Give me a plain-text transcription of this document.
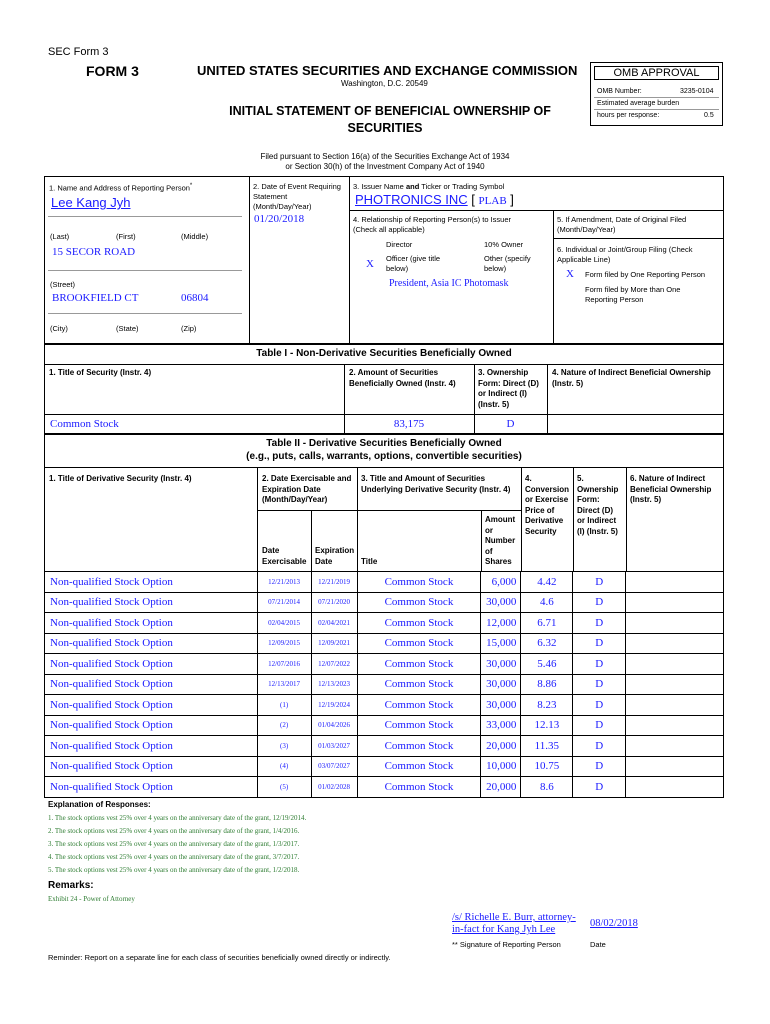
SEC Form 3
FORM 3	UNITED STATES SECURITIES AND EXCHANGE COMMISSION
Washington, D.C. 20549
INITIAL STATEMENT OF BENEFICIAL OWNERSHIP OF
SECURITIES
Filed pursuant to Section 16(a) of the Securities Exchange Act of 1934
or Section 30(h) of the Investment Company Act of 1940
OMB APPROVAL
OMB Number:	3235-0104
Estimated average burden
hours per response:	0.5
1. Name and Address of Reporting Person*
Lee Kang Jyh
(Last)	(First)	(Middle)
15 SECOR ROAD
(Street)
BROOKFIELD CT	06804
(City)	(State)	(Zip)
2. Date of Event Requiring
Statement
(Month/Day/Year)
01/20/2018
3. Issuer Name and Ticker or Trading Symbol
PHOTRONICS INC [ PLAB ]
4. Relationship of Reporting Person(s) to Issuer
(Check all applicable)
Director	10% Owner
X Officer (give title
below)
Other (specify
below)
President, Asia IC Photomask
5. If Amendment, Date of Original Filed
(Month/Day/Year)
6. Individual or Joint/Group Filing (Check
Applicable Line)
X Form filed by One Reporting Person
Form filed by More than One
Reporting Person
Table I - Non-Derivative Securities Beneficially Owned
1. Title of Security (Instr. 4)	2. Amount of Securities
Beneficially Owned (Instr. 4)
3. Ownership
Form: Direct (D)
or Indirect (I)
(Instr. 5)
4. Nature of Indirect Beneficial Ownership
(Instr. 5)
Common Stock	83,175	D
Table II - Derivative Securities Beneficially Owned
(e.g., puts, calls, warrants, options, convertible securities)
1. Title of Derivative Security (Instr. 4)	2. Date Exercisable and
Expiration Date
(Month/Day/Year)
3. Title and Amount of Securities
Underlying Derivative Security (Instr. 4)
4.
Conversion
or Exercise
Price of
Derivative
Security
5.
Ownership
Form:
Direct (D)
or Indirect
(I) (Instr. 5)
6. Nature of Indirect
Beneficial Ownership
(Instr. 5)
Date
Exercisable
Expiration
Date	Title
Amount
or
Number
of
Shares
Non-qualified Stock Option	12/21/2013	12/21/2019	Common Stock	6,000	4.42	D	
Non-qualified Stock Option	07/21/2014	07/21/2020	Common Stock	30,000	4.6	D	
Non-qualified Stock Option	02/04/2015	02/04/2021	Common Stock	12,000	6.71	D	
Non-qualified Stock Option	12/09/2015	12/09/2021	Common Stock	15,000	6.32	D	
Non-qualified Stock Option	12/07/2016	12/07/2022	Common Stock	30,000	5.46	D	
Non-qualified Stock Option	12/13/2017	12/13/2023	Common Stock	30,000	8.86	D	
Non-qualified Stock Option	(1)	12/19/2024	Common Stock	30,000	8.23	D	
Non-qualified Stock Option	(2)	01/04/2026	Common Stock	33,000	12.13	D	
Non-qualified Stock Option	(3)	01/03/2027	Common Stock	20,000	11.35	D	
Non-qualified Stock Option	(4)	03/07/2027	Common Stock	10,000	10.75	D	
Non-qualified Stock Option	(5)	01/02/2028	Common Stock	20,000	8.6	D	
Explanation of Responses:
1. The stock options vest 25% over 4 years on the anniversary date of the grant, 12/19/2014.
2. The stock options vest 25% over 4 years on the anniversary date of the grant, 1/4/2016.
3. The stock options vest 25% over 4 years on the anniversary date of the grant, 1/3/2017.
4. The stock options vest 25% over 4 years on the anniversary date of the grant, 3/7/2017.
5. The stock options vest 25% over 4 years on the anniversary date of the grant, 1/2/2018.
Remarks:
Exhibit 24 - Power of Attorney
/s/ Richelle E. Burr, attorney-
in-fact for Kang Jyh Lee
08/02/2018
** Signature of Reporting Person	Date
Reminder: Report on a separate line for each class of securities beneficially owned directly or indirectly.
